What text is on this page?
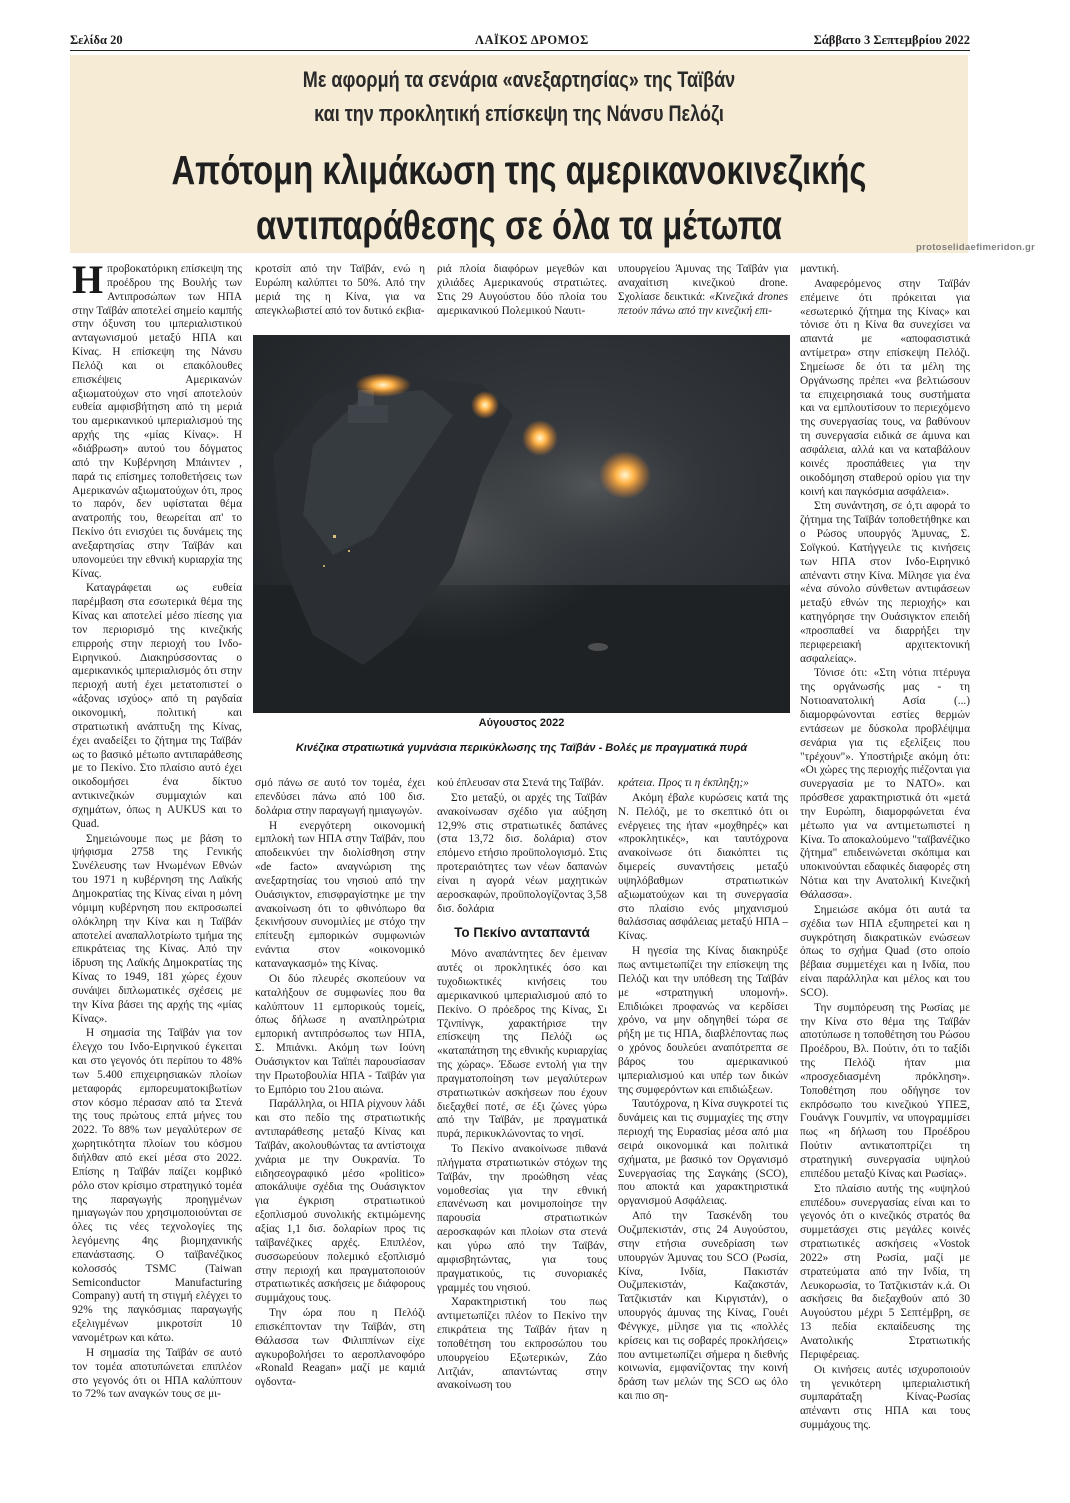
Σελίδα 20	ΛΑΪΚΟΣ ΔΡΟΜΟΣ	Σάββατο 3 Σεπτεμβρίου 2022
Με αφορμή τα σενάρια «ανεξαρτησίας» της Ταϊβάν
και την προκλητική επίσκεψη της Νάνσυ Πελόζι
Απότομη κλιμάκωση της αμερικανοκινεζικής
αντιπαράθεσης σε όλα τα μέτωπα	protoselidaefimeridon.gr

Ηπροβοκατόρικη επίσκεψη της προέδρου της Βουλής των Αντιπροσώπων των ΗΠΑ στην Ταϊβάν αποτελεί σημείο καμπής στην όξυνση του ιμπεριαλιστικού ανταγωνισμού μεταξύ ΗΠΑ και Κίνας. Η επίσκεψη της Νάνσυ Πελόζι και οι επακόλουθες επισκέψεις Αμερικανών αξιωματούχων στο νησί αποτελούν ευθεία αμφισβήτηση από τη μεριά του αμερικανικού ιμπεριαλισμού της αρχής της «μίας Κίνας». Η «διάβρωση» αυτού του δόγματος από την Κυβέρνηση Μπάιντεν , παρά τις επίσημες τοποθετήσεις των Αμερικανών αξιωματούχων ότι, προς το παρόν, δεν υφίσταται θέμα ανατροπής του, θεωρείται απ' το Πεκίνο ότι ενισχύει τις δυνάμεις της ανεξαρτησίας στην Ταϊβάν και υπονομεύει την εθνική κυριαρχία της Κίνας.

Καταγράφεται ως ευθεία παρέμβαση στα εσωτερικά θέμα της Κίνας και αποτελεί μέσο πίεσης για τον περιορισμό της κινεζικής επιρροής στην περιοχή του Ινδο-Ειρηνικού. Διακηρύσσοντας ο αμερικανικός ιμπεριαλισμός ότι στην περιοχή αυτή έχει μετατοπιστεί ο «άξονας ισχύος» από τη ραγδαία οικονομική, πολιτική και στρατιωτική ανάπτυξη της Κίνας, έχει αναδείξει το ζήτημα της Ταϊβάν ως το βασικό μέτωπο αντιπαράθεσης με το Πεκίνο. Στο πλαίσιο αυτό έχει οικοδομήσει ένα δίκτυο αντικινεζικών συμμαχιών και σχημάτων, όπως η AUKUS και το Quad.

Σημειώνουμε πως με βάση το ψήφισμα 2758 της Γενικής Συνέλευσης των Ηνωμένων Εθνών του 1971 η κυβέρνηση της Λαϊκής Δημοκρατίας της Κίνας είναι η μόνη νόμιμη κυβέρνηση που εκπροσωπεί ολόκληρη την Κίνα και η Ταϊβάν αποτελεί αναπαλλοτρίωτο τμήμα της επικράτειας της Κίνας. Από την ίδρυση της Λαϊκής Δημοκρατίας της Κίνας το 1949, 181 χώρες έχουν συνάψει διπλωματικές σχέσεις με την Κίνα βάσει της αρχής της «μίας Κίνας».

Η σημασία της Ταϊβάν για τον έλεγχο του Ινδο-Ειρηνικού έγκειται και στο γεγονός ότι περίπου το 48% των 5.400 επιχειρησιακών πλοίων μεταφοράς εμπορευματοκιβωτίων στον κόσμο πέρασαν από τα Στενά της τους πρώτους επτά μήνες του 2022. Το 88% των μεγαλύτερων σε χωρητικότητα πλοίων του κόσμου διήλθαν από εκεί μέσα στο 2022. Επίσης η Ταϊβάν παίζει κομβικό ρόλο στον κρίσιμο στρατηγικό τομέα της παραγωγής προηγμένων ημιαγωγών που χρησιμοποιούνται σε όλες τις νέες τεχνολογίες της λεγόμενης 4ης βιομηχανικής επανάστασης. Ο ταϊβανέζικος κολοσσός TSMC (Taiwan Semiconductor Manufacturing Company) αυτή τη στιγμή ελέγχει το 92% της παγκόσμιας παραγωγής εξελιγμένων μικροτσίπ 10 νανομέτρων και κάτω.

Η σημασία της Ταϊβάν σε αυτό τον τομέα αποτυπώνεται επιπλέον στο γεγονός ότι οι ΗΠΑ καλύπτουν το 72% των αναγκών τους σε μι-

κροτσίπ από την Ταϊβάν, ενώ η Ευρώπη καλύπτει το 50%. Από την μεριά της η Κίνα, για να απεγκλωβιστεί από τον δυτικό εκβια-

ριά πλοία διαφόρων μεγεθών και χιλιάδες Αμερικανούς στρατιώτες. Στις 29 Αυγούστου δύο πλοία του αμερικανικού Πολεμικού Ναυτι-

υπουργείου Άμυνας της Ταϊβάν για αναχαίτιση κινεζικού drone. Σχολίασε δεικτικά: «Κινεζικά drones πετούν πάνω από την κινεζική επι-

Αύγουστος 2022
Κινέζικα στρατιωτικά γυμνάσια περικύκλωσης της Ταϊβάν - Βολές με πραγματικά πυρά

σμό πάνω σε αυτό τον τομέα, έχει επενδύσει πάνω από 100 δισ. δολάρια στην παραγωγή ημιαγωγών.

Η ενεργότερη οικονομική εμπλοκή των ΗΠΑ στην Ταϊβάν, που αποδεικνύει την διολίσθηση στην «de facto» αναγνώριση της ανεξαρτησίας του νησιού από την Ουάσιγκτον, επισφραγίστηκε με την ανακοίνωση ότι το φθινόπωρο θα ξεκινήσουν συνομιλίες με στόχο την επίτευξη εμπορικών συμφωνιών ενάντια στον «οικονομικό καταναγκασμό» της Κίνας.

Οι δύο πλευρές σκοπεύουν να καταλήξουν σε συμφωνίες που θα καλύπτουν 11 εμπορικούς τομείς, όπως δήλωσε η αναπληρώτρια εμπορική αντιπρόσωπος των ΗΠΑ, Σ. Μπιάνκι. Ακόμη των Ιούνη Ουάσιγκτον και Ταϊπέι παρουσίασαν την Πρωτοβουλία ΗΠΑ - Ταϊβάν για το Εμπόριο του 21ου αιώνα.

Παράλληλα, οι ΗΠΑ ρίχνουν λάδι και στο πεδίο της στρατιωτικής αντιπαράθεσης μεταξύ Κίνας και Ταϊβάν, ακολουθώντας τα αντίστοιχα χνάρια με την Ουκρανία. Το ειδησεογραφικό μέσο «politico» αποκάλυψε σχέδια της Ουάσιγκτον για έγκριση στρατιωτικού εξοπλισμού συνολικής εκτιμώμενης αξίας 1,1 δισ. δολαρίων προς τις ταϊβανέζικες αρχές. Επιπλέον, συσσωρεύουν πολεμικό εξοπλισμό στην περιοχή και πραγματοποιούν στρατιωτικές ασκήσεις με διάφορους συμμάχους τους.

Την ώρα που η Πελόζι επισκέπτονταν την Ταϊβάν, στη Θάλασσα των Φιλιππίνων είχε αγκυροβολήσει το αεροπλανοφόρο «Ronald Reagan» μαζί με καμιά ογδοντα-

κού έπλευσαν στα Στενά της Ταϊβάν.

Στο μεταξύ, οι αρχές της Ταϊβάν ανακοίνωσαν σχέδιο για αύξηση 12,9% στις στρατιωτικές δαπάνες (στα 13,72 δισ. δολάρια) στον επόμενο ετήσιο προϋπολογισμό. Στις προτεραιότητες των νέων δαπανών είναι η αγορά νέων μαχητικών αεροσκαφών, προϋπολογίζοντας 3,58 δισ. δολάρια

Το Πεκίνο ανταπαντά

Μόνο αναπάντητες δεν έμειναν αυτές οι προκλητικές όσο και τυχοδιωκτικές κινήσεις του αμερικανικού ιμπεριαλισμού από το Πεκίνο. Ο πρόεδρος της Κίνας, Σι Τζινπίνγκ, χαρακτήρισε την επίσκεψη της Πελόζι ως «καταπάτηση της εθνικής κυριαρχίας της χώρας». Έδωσε εντολή για την πραγματοποίηση των μεγαλύτερων στρατιωτικών ασκήσεων που έχουν διεξαχθεί ποτέ, σε έξι ζώνες γύρω από την Ταϊβάν, με πραγματικά πυρά, περικυκλώνοντας το νησί.

Το Πεκίνο ανακοίνωσε πιθανά πλήγματα στρατιωτικών στόχων της Ταϊβάν, την προώθηση νέας νομοθεσίας για την εθνική επανένωση και μονιμοποίησε την παρουσία στρατιωτικών αεροσκαφών και πλοίων στα στενά και γύρω από την Ταϊβάν, αμφισβητώντας, για τους πραγματικούς, τις συνοριακές γραμμές του νησιού.

Χαρακτηριστική του πως αντιμετωπίζει πλέον το Πεκίνο την επικράτεια της Ταϊβάν ήταν η τοποθέτηση του εκπροσώπου του υπουργείου Εξωτερικών, Ζάο Λιτζιάν, απαντώντας στην ανακοίνωση του

κράτεια. Προς τι η έκπληξη;»

Ακόμη έβαλε κυρώσεις κατά της Ν. Πελόζι, με το σκεπτικό ότι οι ενέργειες της ήταν «μοχθηρές» και «προκλητικές», και ταυτόχρονα ανακοίνωσε ότι διακόπτει τις διμερείς συναντήσεις μεταξύ υψηλόβαθμων στρατιωτικών αξιωματούχων και τη συνεργασία στο πλαίσιο ενός μηχανισμού θαλάσσιας ασφάλειας μεταξύ ΗΠΑ – Κίνας.

Η ηγεσία της Κίνας διακηρύξε πως αντιμετωπίζει την επίσκεψη της Πελόζι και την υπόθεση της Ταϊβάν με «στρατηγική υπομονή». Επιδιώκει προφανώς να κερδίσει χρόνο, να μην οδηγηθεί τώρα σε ρήξη με τις ΗΠΑ, διαβλέποντας πως ο χρόνος δουλεύει αναπότρεπτα σε βάρος του αμερικανικού ιμπεριαλισμού και υπέρ των δικών της συμφερόντων και επιδιώξεων.

Ταυτόχρονα, η Κίνα συγκροτεί τις δυνάμεις και τις συμμαχίες της στην περιοχή της Ευρασίας μέσα από μια σειρά οικονομικά και πολιτικά σχήματα, με βασικό τον Οργανισμό Συνεργασίας της Σαγκάης (SCO), που αποκτά και χαρακτηριστικά οργανισμού Ασφάλειας.

Από την Τασκένδη του Ουζμπεκιστάν, στις 24 Αυγούστου, στην ετήσια συνεδρίαση των υπουργών Άμυνας του SCO (Ρωσία, Κίνα, Ινδία, Πακιστάν Ουζμπεκιστάν, Καζακστάν, Τατζικιστάν και Κιργιστάν), ο υπουργός άμυνας της Κίνας, Γουέι Φένγκχε, μίλησε για τις «πολλές κρίσεις και τις σοβαρές προκλήσεις» που αντιμετωπίζει σήμερα η διεθνής κοινωνία, εμφανίζοντας την κοινή δράση των μελών της SCO ως όλο και πιο ση-

μαντική.

Αναφερόμενος στην Ταϊβάν επέμεινε ότι πρόκειται για «εσωτερικό ζήτημα της Κίνας» και τόνισε ότι η Κίνα θα συνεχίσει να απαντά με «αποφασιστικά αντίμετρα» στην επίσκεψη Πελόζι. Σημείωσε δε ότι τα μέλη της Οργάνωσης πρέπει «να βελτιώσουν τα επιχειρησιακά τους συστήματα και να εμπλουτίσουν το περιεχόμενο της συνεργασίας τους, να βαθύνουν τη συνεργασία ειδικά σε άμυνα και ασφάλεια, αλλά και να καταβάλουν κοινές προσπάθειες για την οικοδόμηση σταθερού ορίου για την κοινή και παγκόσμια ασφάλεια».

Στη συνάντηση, σε ό,τι αφορά το ζήτημα της Ταϊβάν τοποθετήθηκε και ο Ρώσος υπουργός Άμυνας, Σ. Σοϊγκού. Κατήγγειλε τις κινήσεις των ΗΠΑ στον Ινδο-Ειρηνικό απέναντι στην Κίνα. Μίλησε για ένα «ένα σύνολο σύνθετων αντιφάσεων μεταξύ εθνών της περιοχής» και κατηγόρησε την Ουάσιγκτον επειδή «προσπαθεί να διαρρήξει την περιφερειακή αρχιτεκτονική ασφαλείας».

Τόνισε ότι: «Στη νότια πτέρυγα της οργάνωσής μας - τη Νοτιοανατολική Ασία (...) διαμορφώνονται εστίες θερμών εντάσεων με δύσκολα προβλέψιμα σενάρια για τις εξελίξεις που "τρέχουν"». Υποστήριξε ακόμη ότι: «Οι χώρες της περιοχής πιέζονται για συνεργασία με το ΝΑΤΟ». και πρόσθεσε χαρακτηριστικά ότι «μετά την Ευρώπη, διαμορφώνεται ένα μέτωπο για να αντιμετωπιστεί η Κίνα. Το αποκαλούμενο "ταϊβανέζικο ζήτημα" επιδεινώνεται σκόπιμα και υποκινούνται εδαφικές διαφορές στη Νότια και την Ανατολική Κινεζική Θάλασσα».

Σημειώσε ακόμα ότι αυτά τα σχέδια των ΗΠΑ εξυπηρετεί και η συγκρότηση διακρατικών ενώσεων όπως το σχήμα Quad (στο οποίο βέβαια συμμετέχει και η Ινδία, που είναι παράλληλα και μέλος και του SCO).

Την συμπόρευση της Ρωσίας με την Κίνα στο θέμα της Ταϊβάν αποτύπωσε η τοποθέτηση του Ρώσου Προέδρου, Βλ. Πούτιν, ότι το ταξίδι της Πελόζι ήταν μια «προσχεδιασμένη πρόκληση». Τοποθέτηση που οδήγησε τον εκπρόσωπο του κινεζικού ΥΠΕΞ, Γουάνγκ Γουνμπίν, να υπογραμμίσει πως «η δήλωση του Προέδρου Πούτιν αντικατοπτρίζει τη στρατηγική συνεργασία υψηλού επιπέδου μεταξύ Κίνας και Ρωσίας».

Στο πλαίσιο αυτής της «υψηλού επιπέδου» συνεργασίας είναι και το γεγονός ότι ο κινεζικός στρατός θα συμμετάσχει στις μεγάλες κοινές στρατιωτικές ασκήσεις «Vostok 2022» στη Ρωσία, μαζί με στρατεύματα από την Ινδία, τη Λευκορωσία, το Τατζικιστάν κ.ά. Οι ασκήσεις θα διεξαχθούν από 30 Αυγούστου μέχρι 5 Σεπτέμβρη, σε 13 πεδία εκπαίδευσης της Ανατολικής Στρατιωτικής Περιφέρειας.

Οι κινήσεις αυτές ισχυροποιούν τη γενικότερη ιμπεριαλιστική συμπαράταξη Κίνας-Ρωσίας απέναντι στις ΗΠΑ και τους συμμάχους της.
